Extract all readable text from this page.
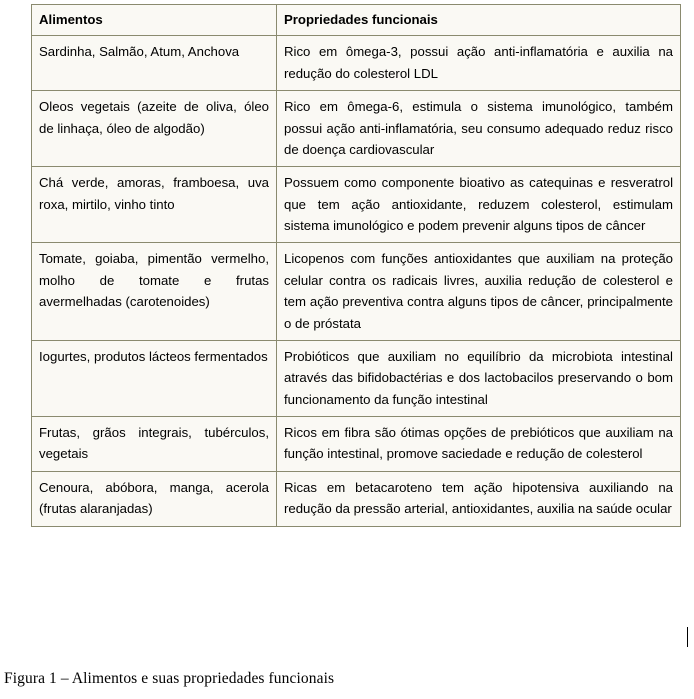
Alimentos	Propriedades funcionais
Sardinha, Salmão, Atum, Anchova	Rico em ômega-3, possui ação anti-inflamatória e auxilia na redução do colesterol LDL
Oleos vegetais (azeite de oliva, óleo de linhaça, óleo de algodão)	Rico em ômega-6, estimula o sistema imunológico, também possui ação anti-inflamatória, seu consumo adequado reduz risco de doença cardiovascular
Chá verde, amoras, framboesa, uva roxa, mirtilo, vinho tinto	Possuem como componente bioativo as catequinas e resveratrol que tem ação antioxidante, reduzem colesterol, estimulam sistema imunológico e podem prevenir alguns tipos de câncer
Tomate, goiaba, pimentão vermelho, molho de tomate e frutas avermelhadas (carotenoides)	Licopenos com funções antioxidantes que auxiliam na proteção celular contra os radicais livres, auxilia redução de colesterol e tem ação preventiva contra alguns tipos de câncer, principalmente o de próstata
Iogurtes, produtos lácteos fermentados	Probióticos que auxiliam no equilíbrio da microbiota intestinal através das bifidobactérias e dos lactobacilos preservando o bom funcionamento da função intestinal
Frutas, grãos integrais, tubérculos, vegetais	Ricos em fibra são ótimas opções de prebióticos que auxiliam na função intestinal, promove saciedade e redução de colesterol
Cenoura, abóbora, manga, acerola (frutas alaranjadas)	Ricas em betacaroteno tem ação hipotensiva auxiliando na redução da pressão arterial, antioxidantes, auxilia na saúde ocular
Figura 1 – Alimentos e suas propriedades funcionais
